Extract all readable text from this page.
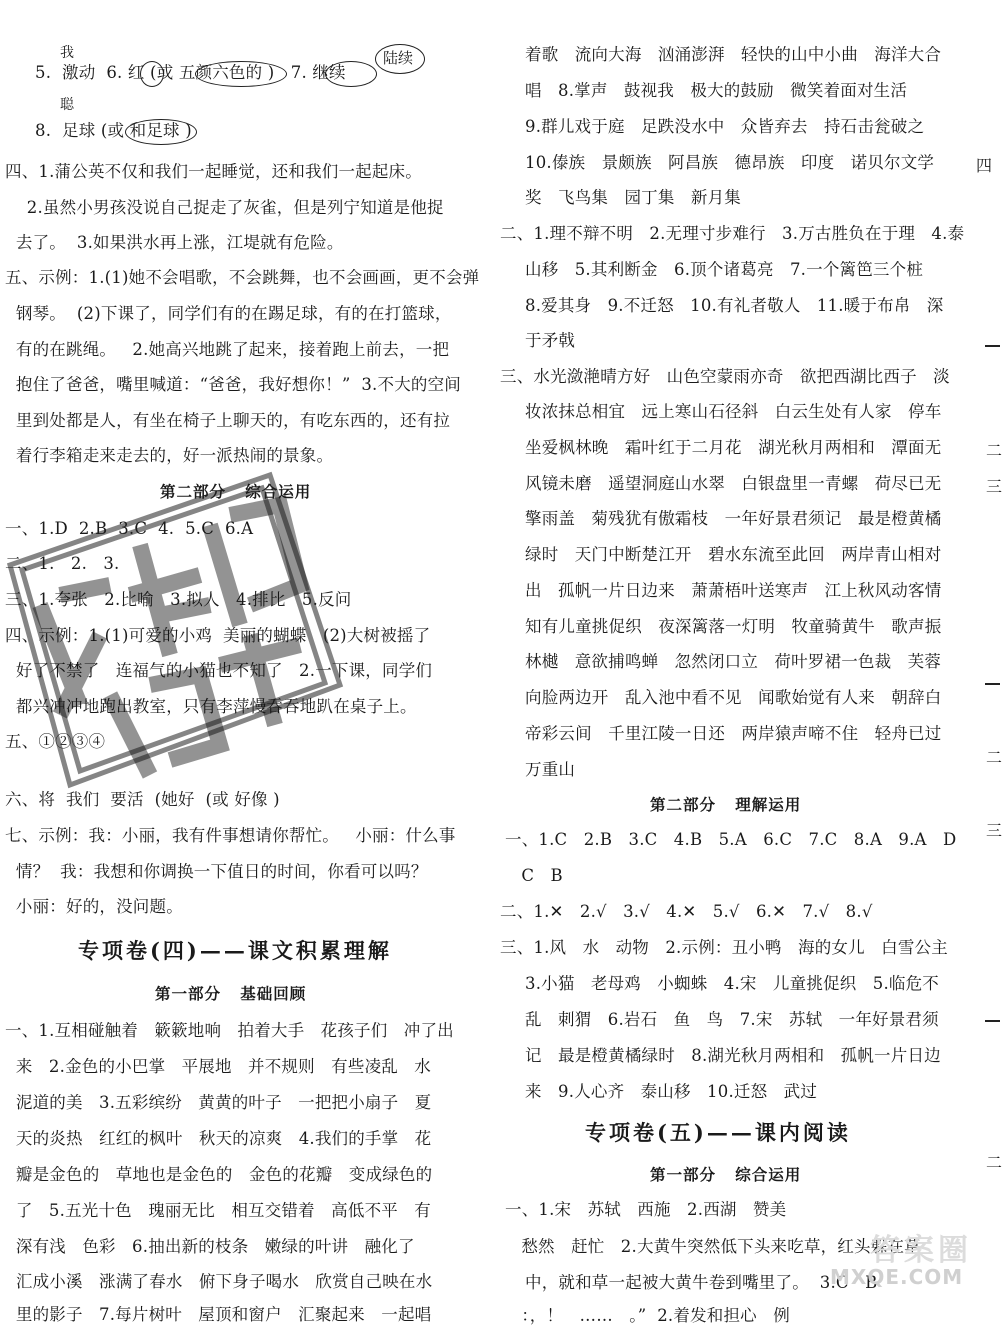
我
聪
陆续
5.  激动  6. 红 (或 五颜六色的 )   7. 继续
8.  足球 (或 和足球 )
四、1.蒲公英不仅和我们一起睡觉，还和我们一起起床。
2.虽然小男孩没说自己捉走了灰雀，但是列宁知道是他捉
去了。  3.如果洪水再上涨，江堤就有危险。
五、示例：1.(1)她不会唱歌，不会跳舞，也不会画画，更不会弹
钢琴。  (2)下课了，同学们有的在踢足球，有的在打篮球，
有的在跳绳。   2.她高兴地跳了起来，接着跑上前去，一把
抱住了爸爸，嘴里喊道：“爸爸，我好想你！”  3.不大的空间
里到处都是人，有坐在椅子上聊天的，有吃东西的，还有拉
着行李箱走来走去的，好一派热闹的景象。
第二部分   综合运用
一、1.D  2.B  3.C  4.  5.C  6.A
二、1.   2.   3.
三、1.夸张   2.比喻   3.拟人   4.排比   5.反问
四、示例：1.(1)可爱的小鸡  美丽的蝴蝶   (2)大树被摇了
好了不禁了   连福气的小猫也不知了   2.一下课，同学们
都兴冲冲地跑出教室，只有李萍慢吞吞地趴在桌子上。
五、①②③④
六、将  我们  要活  (她好  (或 好像 )
七、示例：我：小丽，我有件事想请你帮忙。   小丽：什么事
情？  我：我想和你调换一下值日的时间，你看可以吗？
小丽：好的，没问题。
专项卷(四)——课文积累理解
第一部分   基础回顾
一、1.互相碰触着   簌簌地响   拍着大手   花孩子们   冲了出
来   2.金色的小巴掌   平展地   并不规则   有些凌乱   水
泥道的美   3.五彩缤纷   黄黄的叶子   一把把小扇子   夏
天的炎热   红红的枫叶   秋天的凉爽   4.我们的手掌   花
瓣是金色的   草地也是金色的   金色的花瓣   变成绿色的
了   5.五光十色   瑰丽无比   相互交错着   高低不平   有
深有浅   色彩   6.抽出新的枝条   嫩绿的叶讲   融化了
汇成小溪   涨满了春水   俯下身子喝水   欣赏自己映在水
里的影子   7.每片树叶   屋顶和窗户   汇聚起来   一起唱
答案
着歌   流向大海   汹涌澎湃   轻快的山中小曲   海洋大合
唱   8.掌声   鼓视我   极大的鼓励   微笑着面对生活
9.群儿戏于庭   足跌没水中   众皆弃去   持石击瓮破之
10.傣族   景颇族   阿昌族   德昂族   印度   诺贝尔文学
奖   飞鸟集   园丁集   新月集
二、1.理不辩不明   2.无理寸步难行   3.万古胜负在于理   4.泰
山移   5.其利断金   6.顶个诸葛亮   7.一个篱笆三个桩
8.爱其身   9.不迁怒   10.有礼者敬人   11.暖于布帛   深
于矛戟
三、水光潋滟晴方好   山色空蒙雨亦奇   欲把西湖比西子   淡
妆浓抹总相宜   远上寒山石径斜   白云生处有人家   停车
坐爱枫林晚   霜叶红于二月花   湖光秋月两相和   潭面无
风镜未磨   遥望洞庭山水翠   白银盘里一青螺   荷尽已无
擎雨盖   菊残犹有傲霜枝   一年好景君须记   最是橙黄橘
绿时   天门中断楚江开   碧水东流至此回   两岸青山相对
出   孤帆一片日边来   萧萧梧叶送寒声   江上秋风动客情
知有儿童挑促织   夜深篱落一灯明   牧童骑黄牛   歌声振
林樾   意欲捕鸣蝉   忽然闭口立   荷叶罗裙一色裁   芙蓉
向脸两边开   乱入池中看不见   闻歌始觉有人来   朝辞白
帝彩云间   千里江陵一日还   两岸猿声啼不住   轻舟已过
万重山
第二部分   理解运用
一、1.C   2.B   3.C   4.B   5.A   6.C   7.C   8.A   9.A   D
C   B
二、1.✕   2.√   3.√   4.✕   5.√   6.✕   7.√   8.√
三、1.风   水   动物   2.示例：丑小鸭   海的女儿   白雪公主
3.小猫   老母鸡   小蜘蛛   4.宋   儿童挑促织   5.临危不
乱   刺猬   6.岩石   鱼   鸟   7.宋   苏轼   一年好景君须
记   最是橙黄橘绿时   8.湖光秋月两相和   孤帆一片日边
来   9.人心齐   泰山移   10.迁怒   武过
专项卷(五)——课内阅读
第一部分   综合运用
一、1.宋   苏轼   西施   2.西湖   赞美
愁然   赶忙   2.大黄牛突然低下头来吃草，红头躲在草
中，就和草一起被大黄牛卷到嘴里了。  3.C   B
：，！   ……   。”  2.着发和担心   例
四
二
三
三
二
二
答案圈
MXQE.COM
